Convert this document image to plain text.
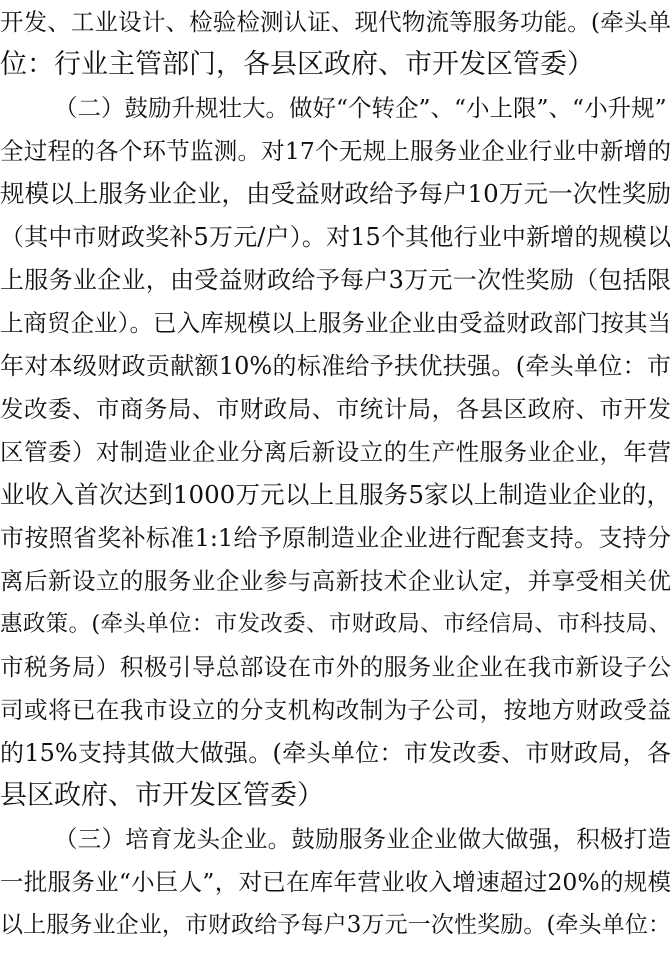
开发、工业设计、检验检测认证、现代物流等服务功能。(牵头单
位：行业主管部门，各县区政府、市开发区管委）
（二）鼓励升规壮大。做好“个转企”、“小上限”、“小升规”
全过程的各个环节监测。对17个无规上服务业企业行业中新增的
规模以上服务业企业，由受益财政给予每户10万元一次性奖励
（其中市财政奖补5万元/户）。对15个其他行业中新增的规模以
上服务业企业，由受益财政给予每户3万元一次性奖励（包括限
上商贸企业）。已入库规模以上服务业企业由受益财政部门按其当
年对本级财政贡献额10%的标准给予扶优扶强。(牵头单位：市
发改委、市商务局、市财政局、市统计局，各县区政府、市开发
区管委）对制造业企业分离后新设立的生产性服务业企业，年营
业收入首次达到1000万元以上且服务5家以上制造业企业的，
市按照省奖补标准1:1给予原制造业企业进行配套支持。支持分
离后新设立的服务业企业参与高新技术企业认定，并享受相关优
惠政策。(牵头单位：市发改委、市财政局、市经信局、市科技局、
市税务局）积极引导总部设在市外的服务业企业在我市新设子公
司或将已在我市设立的分支机构改制为子公司，按地方财政受益
的15%支持其做大做强。(牵头单位：市发改委、市财政局，各
县区政府、市开发区管委）
（三）培育龙头企业。鼓励服务业企业做大做强，积极打造
一批服务业“小巨人”，对已在库年营业收入增速超过20%的规模
以上服务业企业，市财政给予每户3万元一次性奖励。(牵头单位：
